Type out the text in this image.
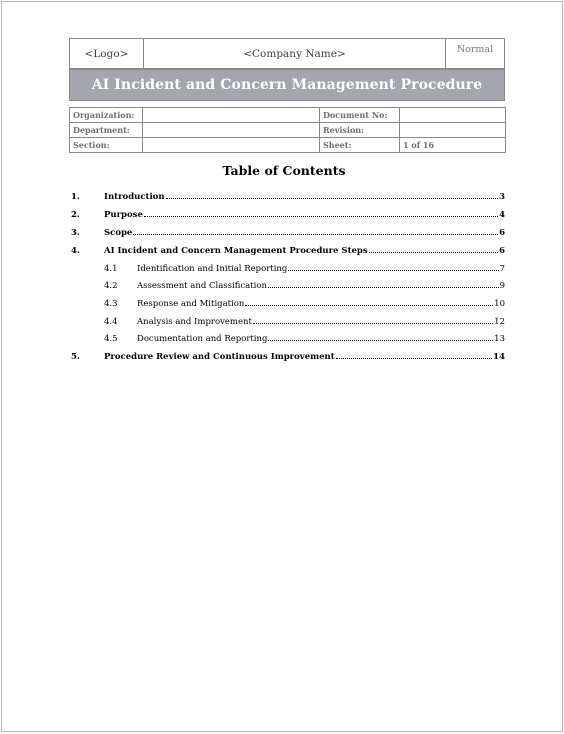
<Logo>	<Company Name>	Normal
AI Incident and Concern Management Procedure
Organization:		Document No:	
Department:		Revision:	
Section:		Sheet:	1 of 16
Table of Contents
1.	Introduction	3
2.	Purpose	4
3.	Scope	6
4.	AI Incident and Concern Management Procedure Steps	6
4.1 Identification and Initial Reporting	7
4.2 Assessment and Classification	9
4.3 Response and Mitigation	10
4.4 Analysis and Improvement	12
4.5 Documentation and Reporting	13
5.	Procedure Review and Continuous Improvement	14
